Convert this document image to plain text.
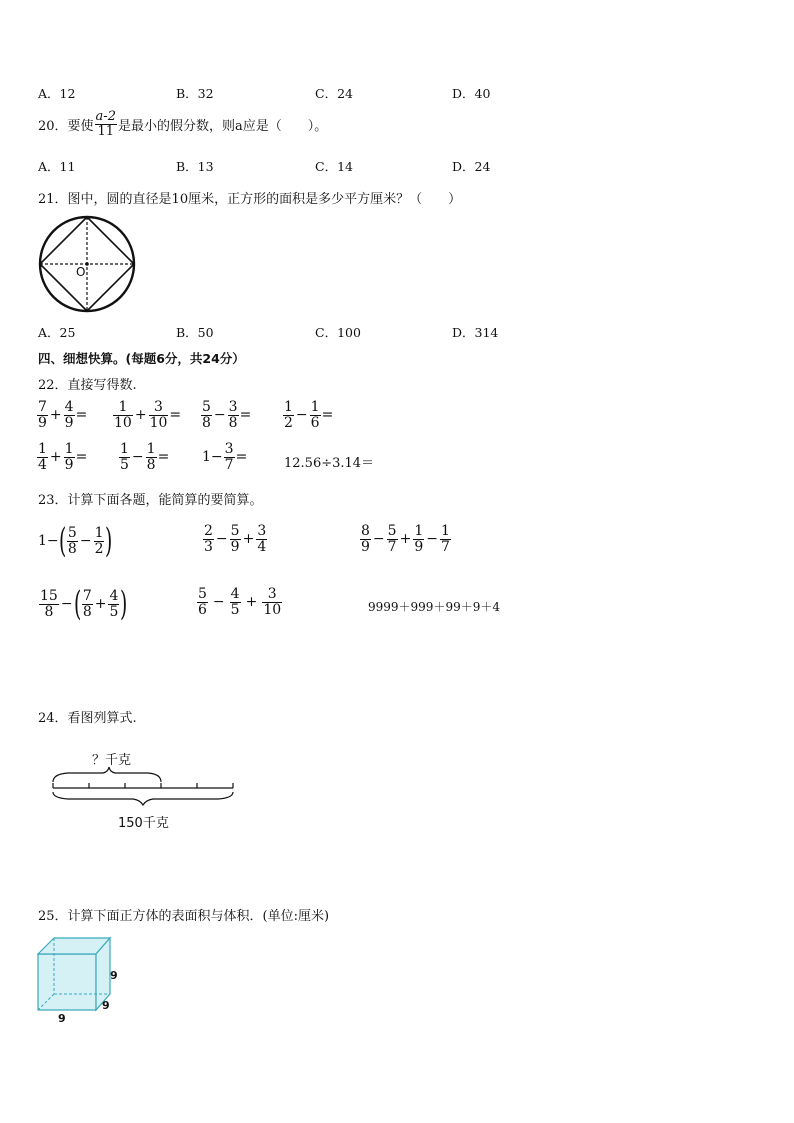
A．12	B．32	C．24	D．40
20．要使 $\frac{a-2}{11}$ 是最小的假分数，则a应是（　　）。
A．11	B．13	C．14	D．24
21．图中，圆的直径是10厘米，正方形的面积是多少平方厘米？（　　）
O
A．25	B．50	C．100	D．314
四、细想快算。(每题6分，共24分）
22．直接写得数.
$\frac{7}{9} + \frac{4}{9} = \frac{1}{10} + \frac{3}{10} = \frac{5}{8} - \frac{3}{8} = \frac{1}{2} - \frac{1}{6}$ =
$\frac{1}{4} + \frac{1}{9} = \frac{1}{5} - \frac{1}{8} = 1- \frac{3}{7}$ =	12.56÷3.14＝
23．计算下面各题，能简算的要简算。
1− ( $\frac{5}{8} - \frac{1}{2}$ )	$\frac{2}{3} - \frac{5}{9} + \frac{3}{4}$	$\frac{8}{9} - \frac{5}{7} + \frac{1}{9} - \frac{1}{7}$
$\frac{15}{8}$ − ( $\frac{7}{8} + \frac{4}{5}$ )	$\frac{5}{6} - \frac{4}{5} + \frac{3}{10}$	9999＋999＋99＋9＋4
24．看图列算式.
？千克
150千克
25．计算下面正方体的表面积与体积．(单位:厘米)
9
9
9
